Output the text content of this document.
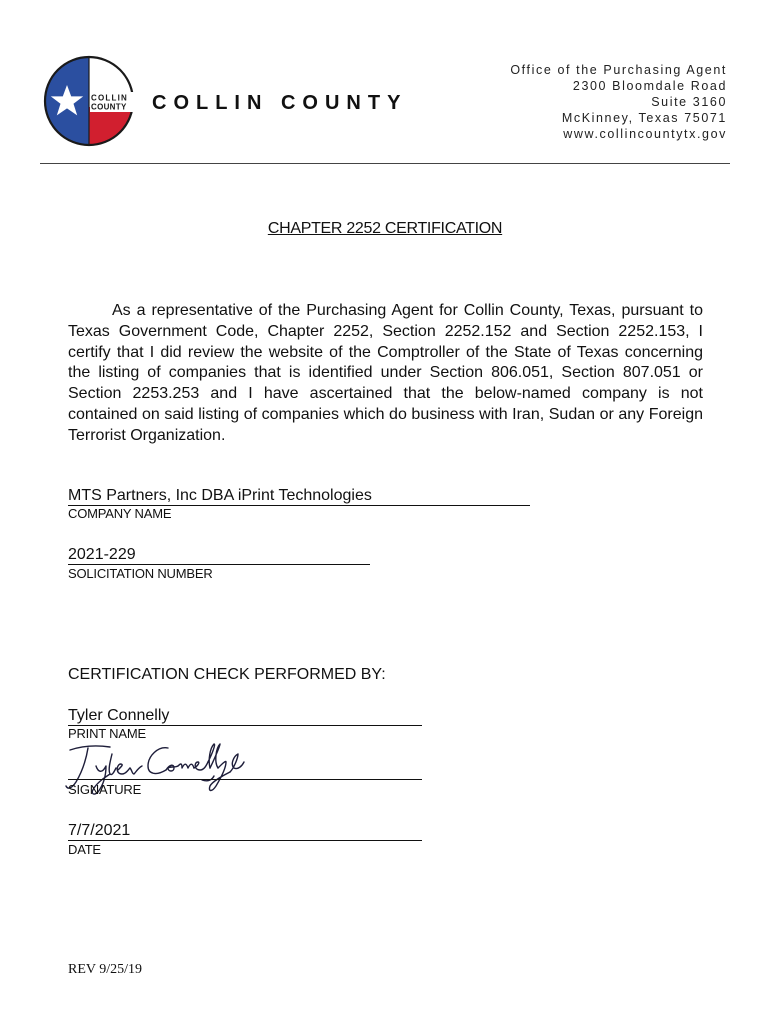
COLLIN
COUNTY COLLIN COUNTY
Office of the Purchasing Agent
2300 Bloomdale Road
Suite 3160
McKinney, Texas 75071
www.collincountytx.gov
CHAPTER 2252 CERTIFICATION
As a representative of the Purchasing Agent for Collin County, Texas, pursuant to Texas Government Code, Chapter 2252, Section 2252.152 and Section 2252.153, I certify that I did review the website of the Comptroller of the State of Texas concerning the listing of companies that is identified under Section 806.051, Section 807.051 or Section 2253.253 and I have ascertained that the below-named company is not contained on said listing of companies which do business with Iran, Sudan or any Foreign Terrorist Organization.
MTS Partners, Inc DBA iPrint Technologies
COMPANY NAME
2021-229
SOLICITATION NUMBER
CERTIFICATION CHECK PERFORMED BY:
Tyler Connelly
PRINT NAME
SIGNATURE
7/7/2021
DATE
REV 9/25/19
